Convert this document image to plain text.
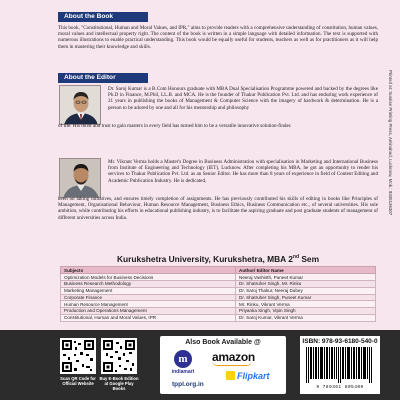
About the Book
This book, "Constitutional, Human and Moral Values, and IPR," aims to provide readers with a comprehensive understanding of constitution, human values, moral values and intellectual property right. The content of the book is written in a simple language with detailed information. The text is supported with numerous illustrations to enable practical understanding. This book would be equally useful for students, teachers as well as for practitioners as it will help them in mastering their knowledge and skills.
About the Editor
Dr. Saroj Kumar is a B.Com Honours graduate with MBA Dual Specialisation Programme powered and backed by the degrees like Ph.D in Finance, M.Phil, LL.B. and MCA. He is the founder of Thakur Publication Pvt. Ltd. and has enduring work experience of 21 years in publishing the books of Management & Computer Science with the imagery of hardwork & determination. He is a person to be adored by one and all for his mentorship and philosophy
of life. His thirst and trust to gain masters in every field has turned him to be a versatile innovative solution-finder.
Mr. Vikrant Verma holds a Master's Degree in Business Administration with specialisation in Marketing and International Business from Institute of Engineering and Technology (IET), Lucknow. After completing his MBA, he got an opportunity to render his services to Thakur Publication Pvt. Ltd. as an Senior Editor. He has more than 8 years of experience in field of Content Editing and Academic Publication Industry. He is dedicated,
keen on taking initiatives, and ensures timely completion of assignments. He has previously contributed his skills of editing in books like Principles of Management, Organisational Behaviour, Human Resource Management, Business Ethics, Business Communication etc., of several universities. His sole ambition, while contributing his efforts in educational publishing industry, is to facilitate the aspiring graduate and post graduate students of management of different universities across India.
Kurukshetra University, Kurukshetra, MBA 2nd Sem
Subjects	Author/ Editor Name
Optimization Models for Business Decisions	Neeraj Vashisth, Puneet Kumar
Business Research Methodology	Dr. Shatruher Singh, Mr. Rinku
Marketing Management	Dr. Saroj Thakur, Neeraj Dubey
Corporate Finance	Dr. Shatruher Singh, Puneet Kumar
Human Resource Management	Mr. Rinku, Vikrant Verma
Production and Operations Management	Priyanka Singh, Vipin Singh
Constitutional, Human and Moral Values, IPR	Dr. Saroj Kumar, Vikrant Verma
Printed at: Sunrise Printing Press, Aminabad, Lucknow, Mob.: 9335136307
Scan QR Code for Official Website
Buy E-Book Edition at Google Play Books
Also Book Available @
m
indiamart
amazon
Flipkart
tppl.org.in
ISBN: 978-93-6180-540-0
9 789361 805400
